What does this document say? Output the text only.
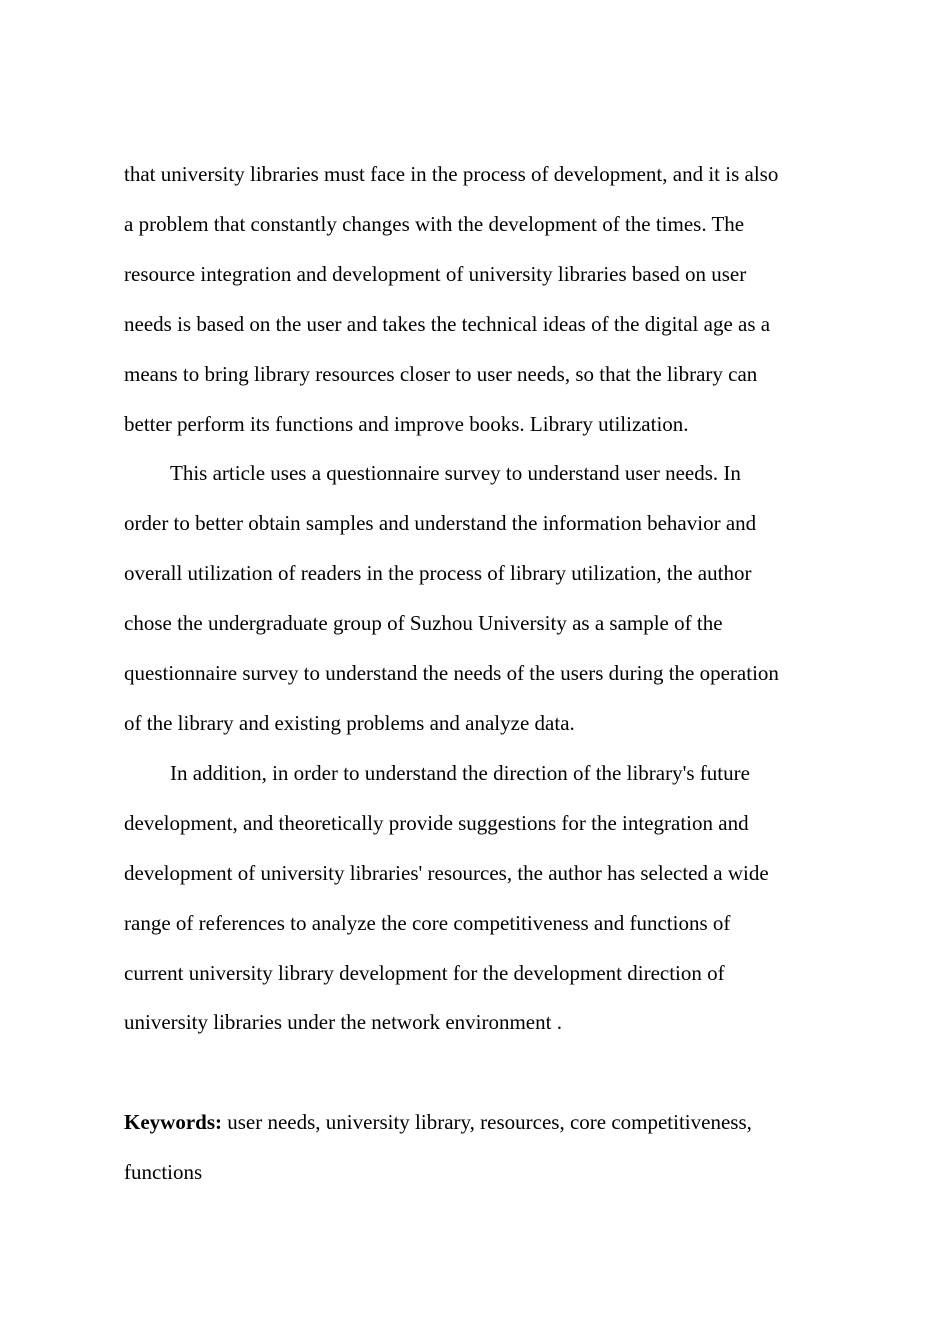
that university libraries must face in the process of development, and it is also
a problem that constantly changes with the development of the times. The
resource integration and development of university libraries based on user
needs is based on the user and takes the technical ideas of the digital age as a
means to bring library resources closer to user needs, so that the library can
better perform its functions and improve books. Library utilization.
This article uses a questionnaire survey to understand user needs. In
order to better obtain samples and understand the information behavior and
overall utilization of readers in the process of library utilization, the author
chose the undergraduate group of Suzhou University as a sample of the
questionnaire survey to understand the needs of the users during the operation
of the library and existing problems and analyze data.
In addition, in order to understand the direction of the library's future
development, and theoretically provide suggestions for the integration and
development of university libraries' resources, the author has selected a wide
range of references to analyze the core competitiveness and functions of
current university library development for the development direction of
university libraries under the network environment .
Keywords: user needs, university library, resources, core competitiveness,
functions
